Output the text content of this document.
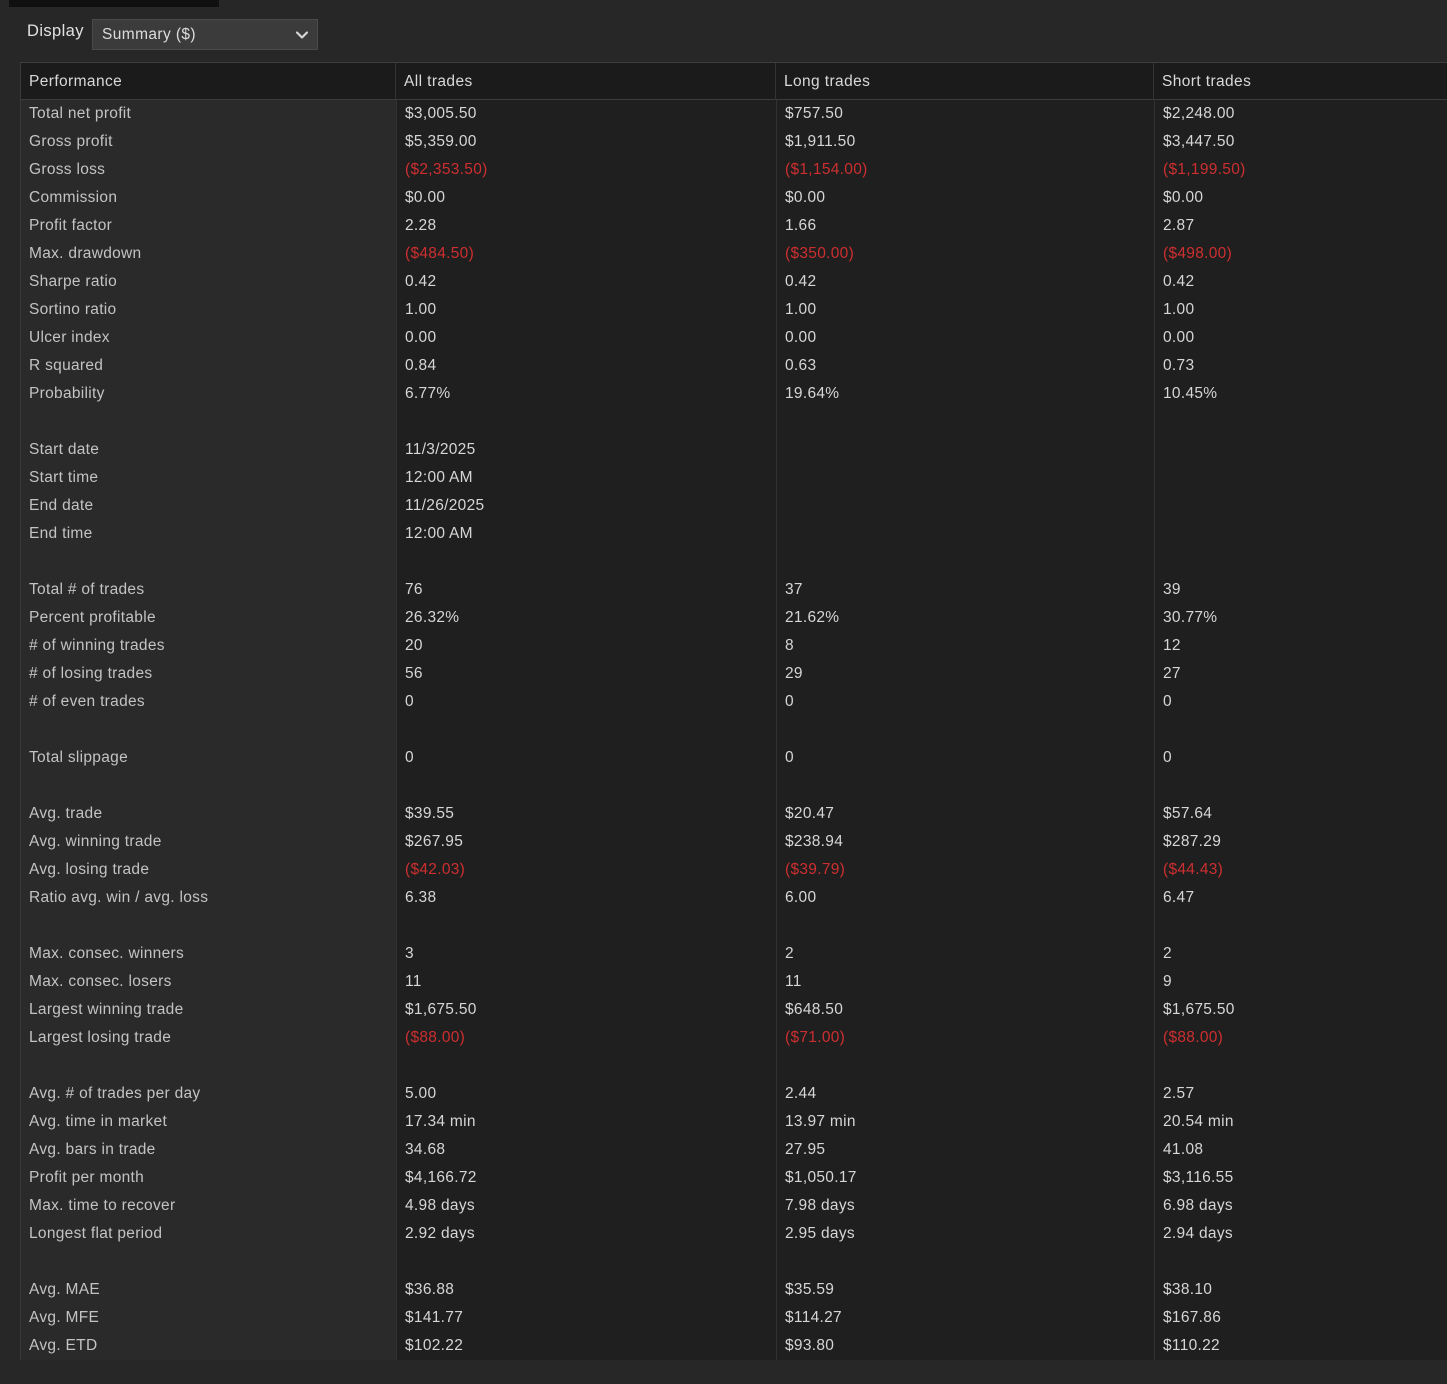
Display
Summary ($)
Performance	All trades	Long trades	Short trades
Total net profit	$3,005.50	$757.50	$2,248.00
Gross profit	$5,359.00	$1,911.50	$3,447.50
Gross loss	($2,353.50)	($1,154.00)	($1,199.50)
Commission	$0.00	$0.00	$0.00
Profit factor	2.28	1.66	2.87
Max. drawdown	($484.50)	($350.00)	($498.00)
Sharpe ratio	0.42	0.42	0.42
Sortino ratio	1.00	1.00	1.00
Ulcer index	0.00	0.00	0.00
R squared	0.84	0.63	0.73
Probability	6.77%	19.64%	10.45%
Start date	11/3/2025
Start time	12:00 AM
End date	11/26/2025
End time	12:00 AM
Total # of trades	76	37	39
Percent profitable	26.32%	21.62%	30.77%
# of winning trades	20	8	12
# of losing trades	56	29	27
# of even trades	0	0	0
Total slippage	0	0	0
Avg. trade	$39.55	$20.47	$57.64
Avg. winning trade	$267.95	$238.94	$287.29
Avg. losing trade	($42.03)	($39.79)	($44.43)
Ratio avg. win / avg. loss	6.38	6.00	6.47
Max. consec. winners	3	2	2
Max. consec. losers	11	11	9
Largest winning trade	$1,675.50	$648.50	$1,675.50
Largest losing trade	($88.00)	($71.00)	($88.00)
Avg. # of trades per day	5.00	2.44	2.57
Avg. time in market	17.34 min	13.97 min	20.54 min
Avg. bars in trade	34.68	27.95	41.08
Profit per month	$4,166.72	$1,050.17	$3,116.55
Max. time to recover	4.98 days	7.98 days	6.98 days
Longest flat period	2.92 days	2.95 days	2.94 days
Avg. MAE	$36.88	$35.59	$38.10
Avg. MFE	$141.77	$114.27	$167.86
Avg. ETD	$102.22	$93.80	$110.22
